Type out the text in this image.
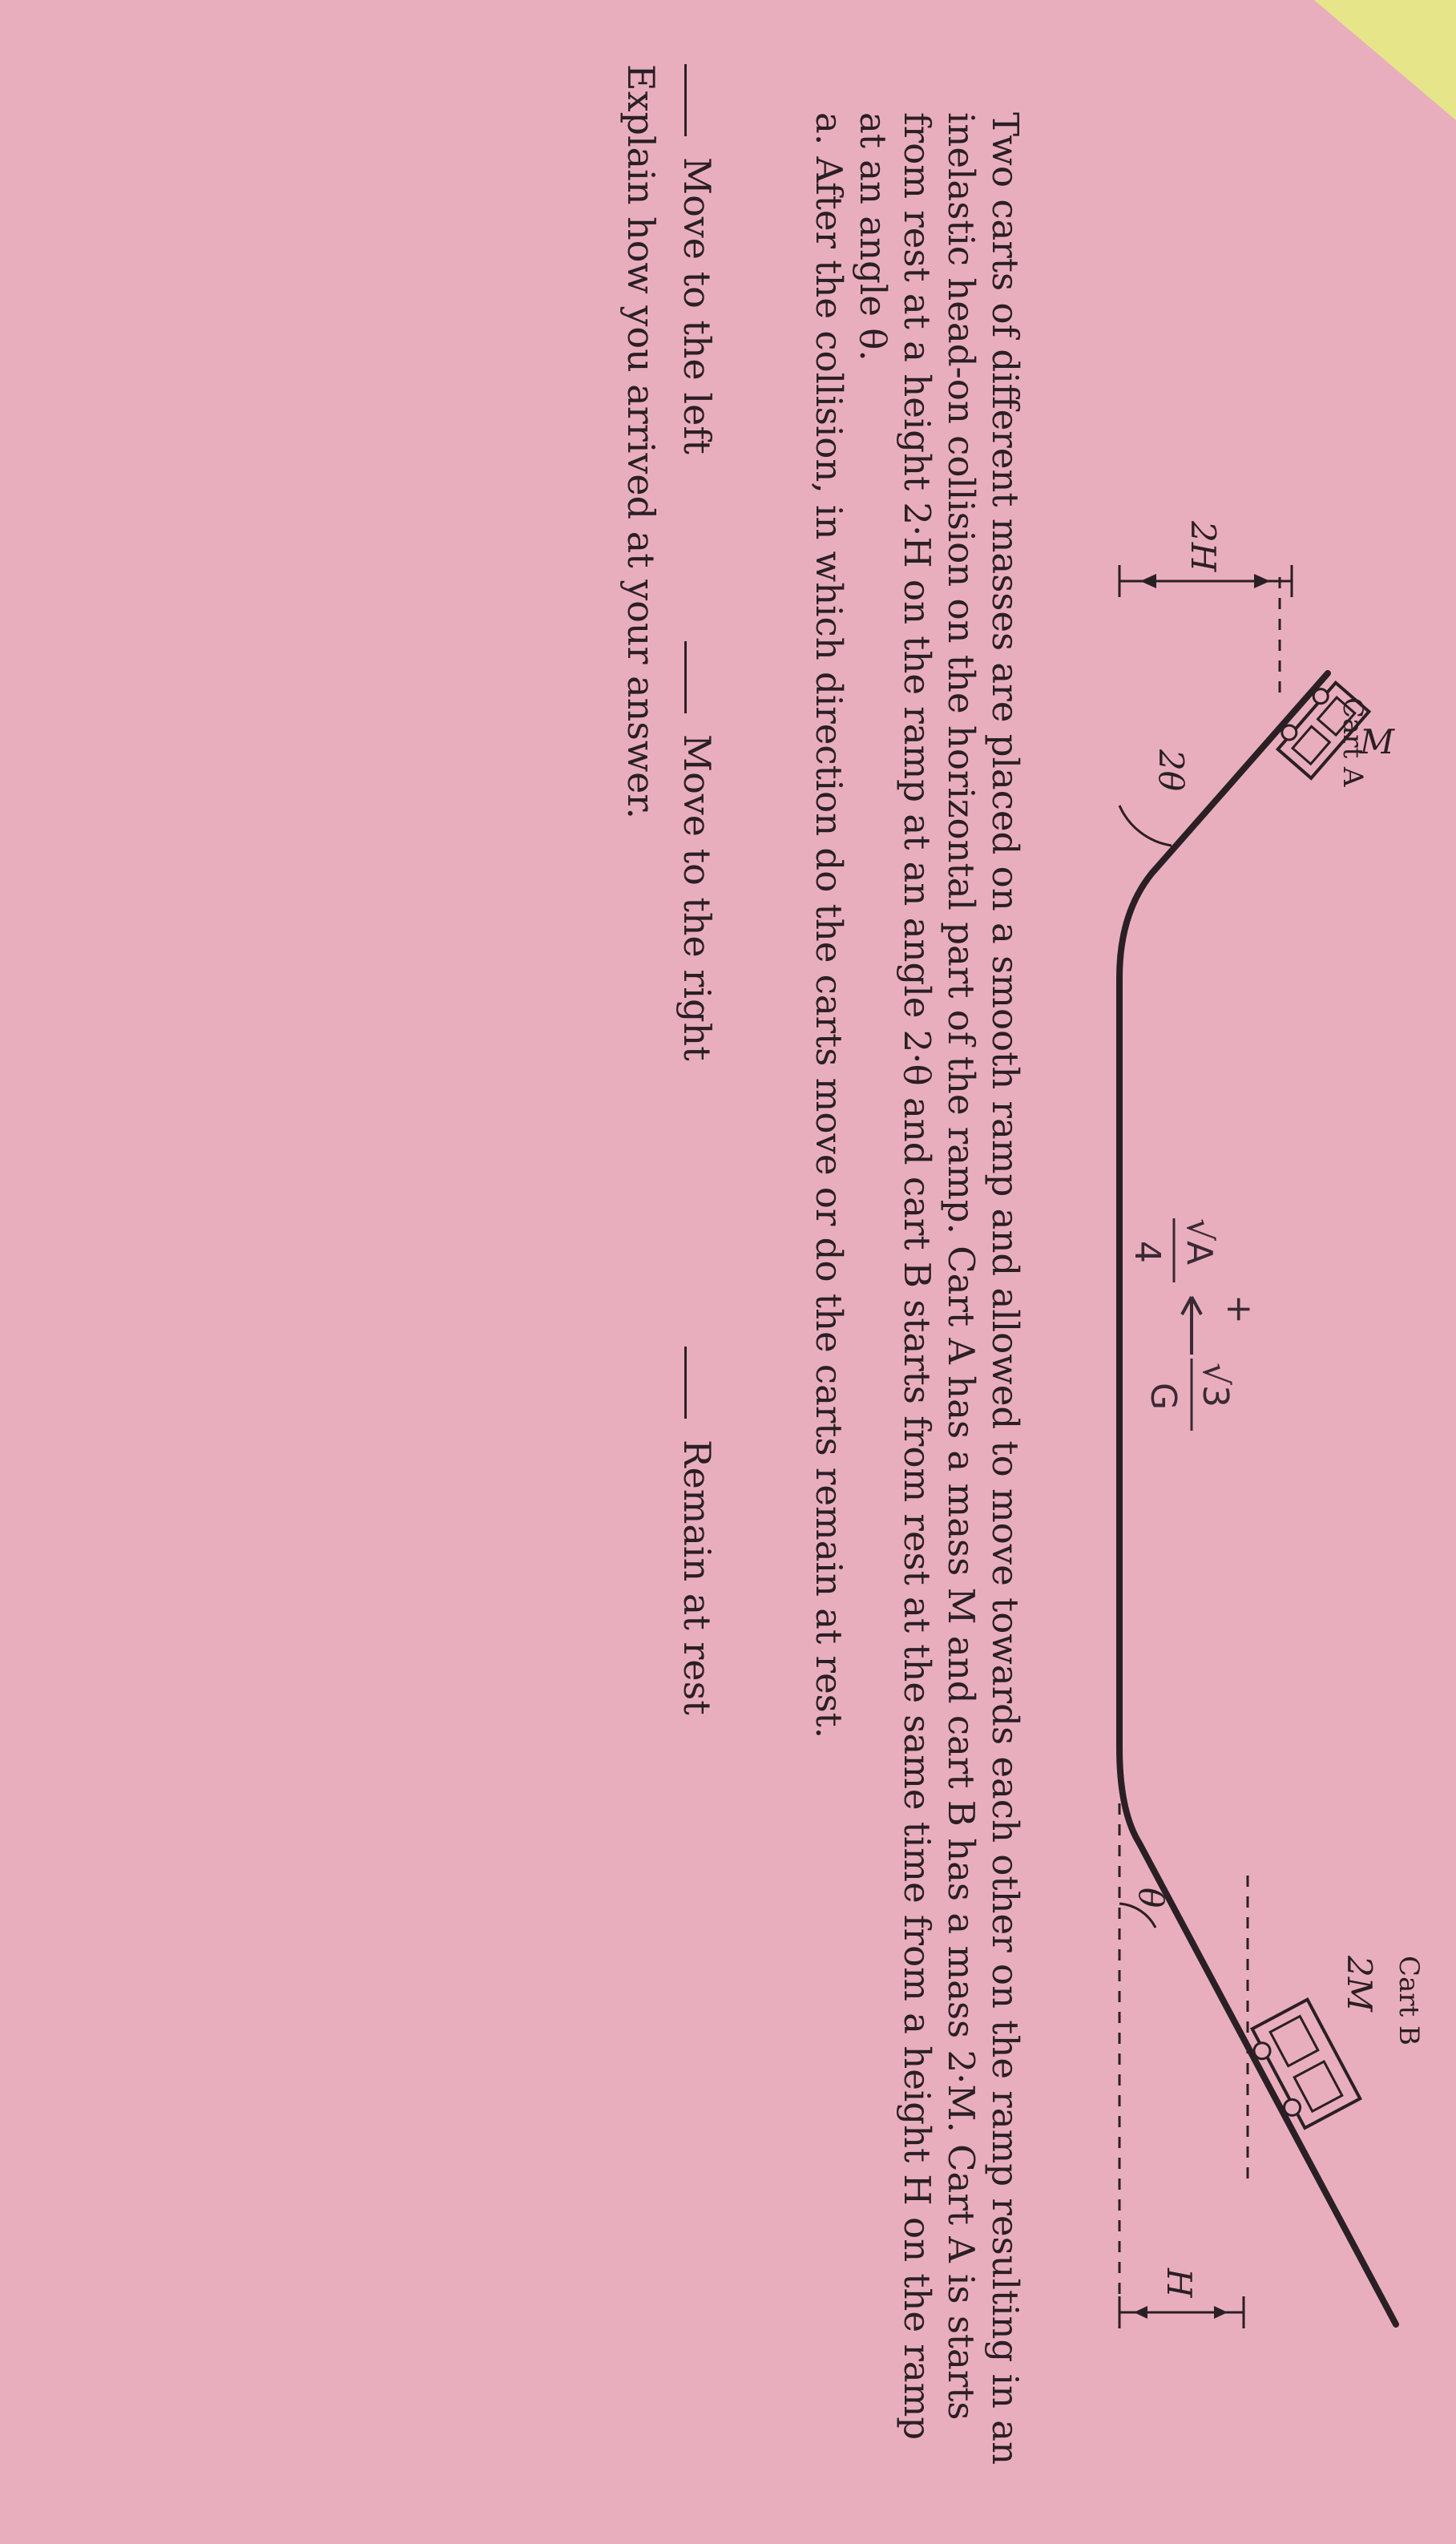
Cart A
M
2H
2θ
Cart B
2M
H
θ
+
√A
4
√3
G

Two carts of different masses are placed on a smooth ramp and allowed to move towards each other on the ramp resulting in an inelastic head-on collision on the horizontal part of the ramp. Cart A has a mass M and cart B has a mass 2·M. Cart A is starts from rest at a height 2·H on the ramp at an angle 2·θ and cart B starts from rest at the same time from a height H on the ramp at an angle θ.

a. After the collision, in which direction do the carts move or do the carts remain at rest.

Move to the left
Move to the right
Remain at rest
Explain how you arrived at your answer.
